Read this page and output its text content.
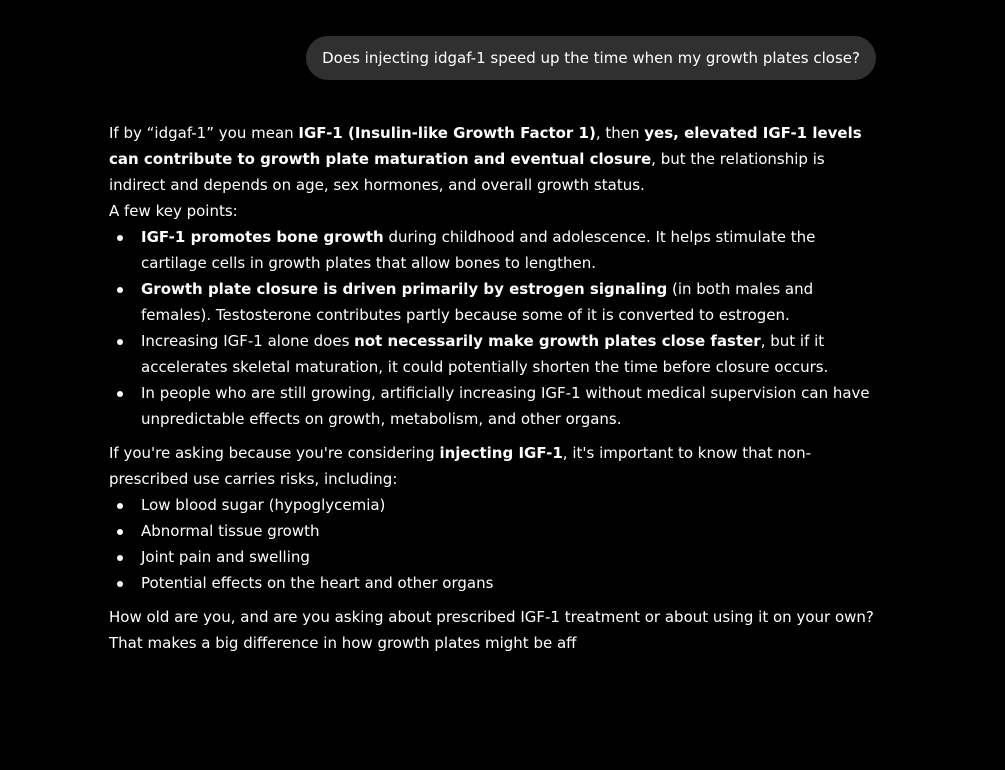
Does injecting idgaf-1 speed up the time when my growth plates close?

If by “idgaf-1” you mean IGF-1 (Insulin-like Growth Factor 1), then yes, elevated IGF-1 levels can contribute to growth plate maturation and eventual closure, but the relationship is indirect and depends on age, sex hormones, and overall growth status.

A few key points:

IGF-1 promotes bone growth during childhood and adolescence. It helps stimulate the cartilage cells in growth plates that allow bones to lengthen.
Growth plate closure is driven primarily by estrogen signaling (in both males and females). Testosterone contributes partly because some of it is converted to estrogen.
Increasing IGF-1 alone does not necessarily make growth plates close faster, but if it accelerates skeletal maturation, it could potentially shorten the time before closure occurs.
In people who are still growing, artificially increasing IGF-1 without medical supervision can have unpredictable effects on growth, metabolism, and other organs.

If you're asking because you're considering injecting IGF-1, it's important to know that non-prescribed use carries risks, including:

Low blood sugar (hypoglycemia)
Abnormal tissue growth
Joint pain and swelling
Potential effects on the heart and other organs

How old are you, and are you asking about prescribed IGF-1 treatment or about using it on your own? That makes a big difference in how growth plates might be aff
